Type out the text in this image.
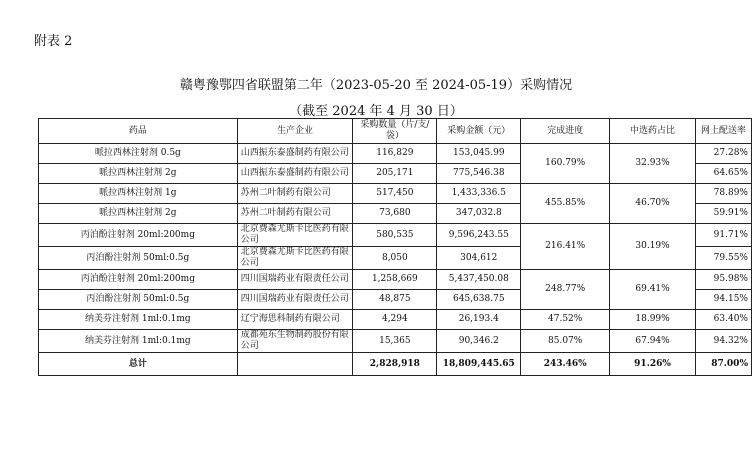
附表 2
赣粤豫鄂四省联盟第二年（2023-05-20 至 2024-05-19）采购情况
（截至 2024 年 4 月 30 日）
药品	生产企业	采购数量（片/支/袋）	采购金额（元）	完成进度	中选药占比	网上配送率
哌拉西林注射剂 0.5g	山西振东泰盛制药有限公司	116,829	153,045.99	160.79%	32.93%	27.28%
哌拉西林注射剂 2g	山西振东泰盛制药有限公司	205,171	775,546.38			64.65%
哌拉西林注射剂 1g	苏州二叶制药有限公司	517,450	1,433,336.5	455.85%	46.70%	78.89%
哌拉西林注射剂 2g	苏州二叶制药有限公司	73,680	347,032.8			59.91%
丙泊酚注射剂 20ml:200mg	北京费森尤斯卡比医药有限公司	580,535	9,596,243.55	216.41%	30.19%	91.71%
丙泊酚注射剂 50ml:0.5g	北京费森尤斯卡比医药有限公司	8,050	304,612			79.55%
丙泊酚注射剂 20ml:200mg	四川国瑞药业有限责任公司	1,258,669	5,437,450.08	248.77%	69.41%	95.98%
丙泊酚注射剂 50ml:0.5g	四川国瑞药业有限责任公司	48,875	645,638.75			94.15%
纳美芬注射剂 1ml:0.1mg	辽宁海思科制药有限公司	4,294	26,193.4	47.52%	18.99%	63.40%
纳美芬注射剂 1ml:0.1mg	成都苑东生物制药股份有限公司	15,365	90,346.2	85.07%	67.94%	94.32%
总计		2,828,918	18,809,445.65	243.46%	91.26%	87.00%
